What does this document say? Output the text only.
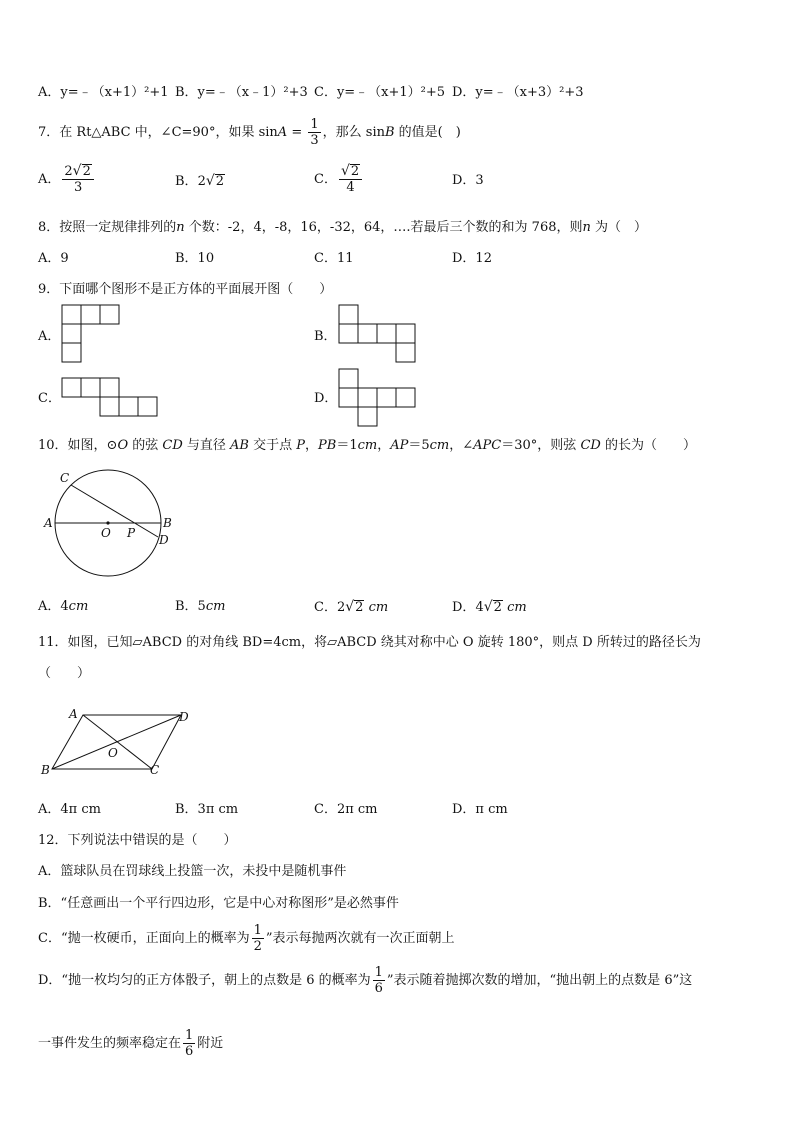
A．y=﹣（x+1）²+1 B．y=﹣（x﹣1）²+3 C．y=﹣（x+1）²+5 D．y=﹣（x+3）²+3
7．在 Rt△ABC 中，∠C=90°，如果 $\sin A = \frac{1}{3}$ ，那么 sinB 的值是(　)
A． $\frac{2√2}{3}$	B．2√2	C． $\frac{√2}{4}$	D．3
8．按照一定规律排列的n 个数：-2，4，-8，16，-32，64，….若最后三个数的和为 768，则n 为（　）
A．9	B．10	C．11	D．12
9．下面哪个图形不是正方体的平面展开图（　　）
A．	B．
C．	D．
10．如图，⊙O 的弦 CD 与直径 AB 交于点 P，PB＝1cm，AP＝5cm，∠APC＝30°，则弦 CD 的长为（　　）
A	B
C
D
O P
A．4cm	B．5cm	C．2√2 cm	D．4√2 cm
11．如图，已知▱ABCD 的对角线 BD=4cm，将▱ABCD 绕其对称中心 O 旋转 180°，则点 D 所转过的路径长为
（　　）
A	D
B	C
O
A．4π cm	B．3π cm	C．2π cm	D．π cm
12．下列说法中错误的是（　　）
A．篮球队员在罚球线上投篮一次，未投中是随机事件
B．“任意画出一个平行四边形，它是中心对称图形”是必然事件
C．“抛一枚硬币，正面向上的概率为 $\frac{1}{2}$ ”表示每抛两次就有一次正面朝上
D．“抛一枚均匀的正方体骰子，朝上的点数是 6 的概率为 $\frac{1}{6}$ ”表示随着抛掷次数的增加，“抛出朝上的点数是 6”这
一事件发生的频率稳定在 $\frac{1}{6}$ 附近
